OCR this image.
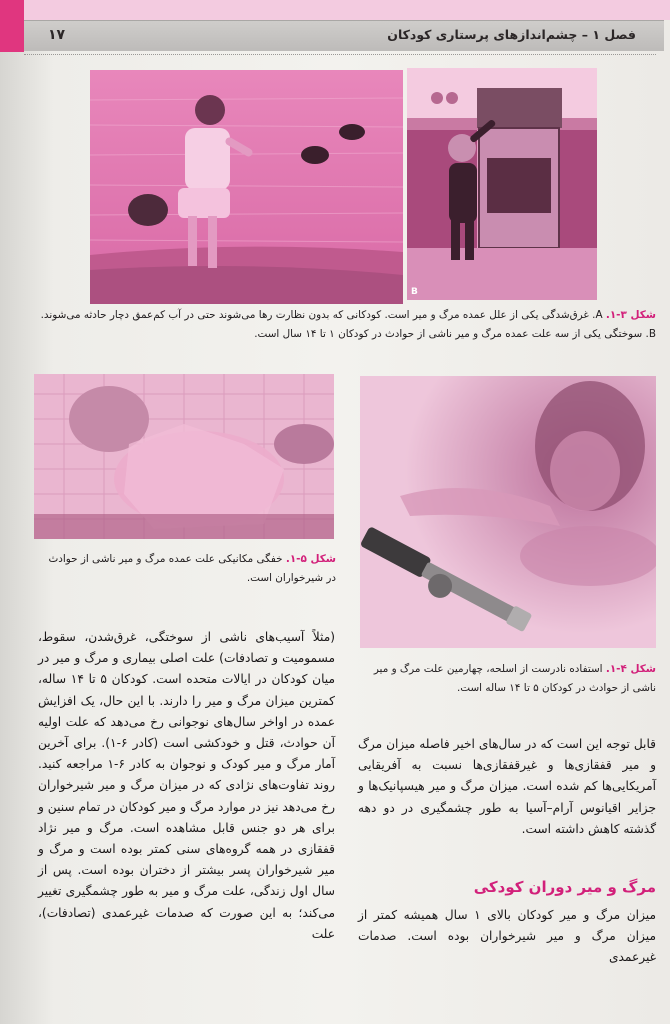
فصل ۱ – چشم‌اندازهای پرستاری کودکان
۱۷
B
شکل ۳-۱. A. غرق‌شدگی یکی از علل عمده مرگ و میر است. کودکانی که بدون نظارت رها می‌شوند حتی در آب کم‌عمق دچار حادثه می‌شوند. B. سوختگی یکی از سه علت عمده مرگ و میر ناشی از حوادث در کودکان ۱ تا ۱۴ سال است.
شکل ۵-۱. خفگی مکانیکی علت عمده مرگ و میر ناشی از حوادث در شیرخواران است.
شکل ۴-۱. استفاده نادرست از اسلحه، چهارمین علت مرگ و میر ناشی از حوادث در کودکان ۵ تا ۱۴ ساله است.
(مثلاً آسیب‌های ناشی از سوختگی، غرق‌شدن، سقوط، مسمومیت و تصادفات) علت اصلی بیماری و مرگ و میر در میان کودکان در ایالات متحده است. کودکان ۵ تا ۱۴ ساله، کمترین میزان مرگ و میر را دارند. با این حال، یک افزایش عمده در اواخر سال‌های نوجوانی رخ می‌دهد که علت اولیه آن حوادث، قتل و خودکشی است (کادر ۶-۱). برای آخرین آمار مرگ و میر کودک و نوجوان به کادر ۶-۱ مراجعه کنید. روند تفاوت‌های نژادی که در میزان مرگ و میر شیرخواران رخ می‌دهد نیز در موارد مرگ و میر کودکان در تمام سنین و برای هر دو جنس قابل مشاهده است. مرگ و میر نژاد قفقازی در همه گروه‌های سنی کمتر بوده است و مرگ و میر شیرخواران پسر بیشتر از دختران بوده است. پس از سال اول زندگی، علت مرگ و میر به طور چشمگیری تغییر می‌کند؛ به این صورت که صدمات غیرعمدی (تصادفات)، علت
قابل توجه این است که در سال‌های اخیر فاصله میزان مرگ و میر قفقازی‌ها و غیرقفقازی‌ها نسبت به آفریقایی آمریکایی‌ها کم شده است. میزان مرگ و میر هیسپانیک‌ها و جزایر اقیانوس آرام–آسیا به طور چشمگیری در دو دهه گذشته کاهش داشته است.
مرگ و میر دوران کودکی
میزان مرگ و میر کودکان بالای ۱ سال همیشه کمتر از میزان مرگ و میر شیرخواران بوده است. صدمات غیرعمدی
